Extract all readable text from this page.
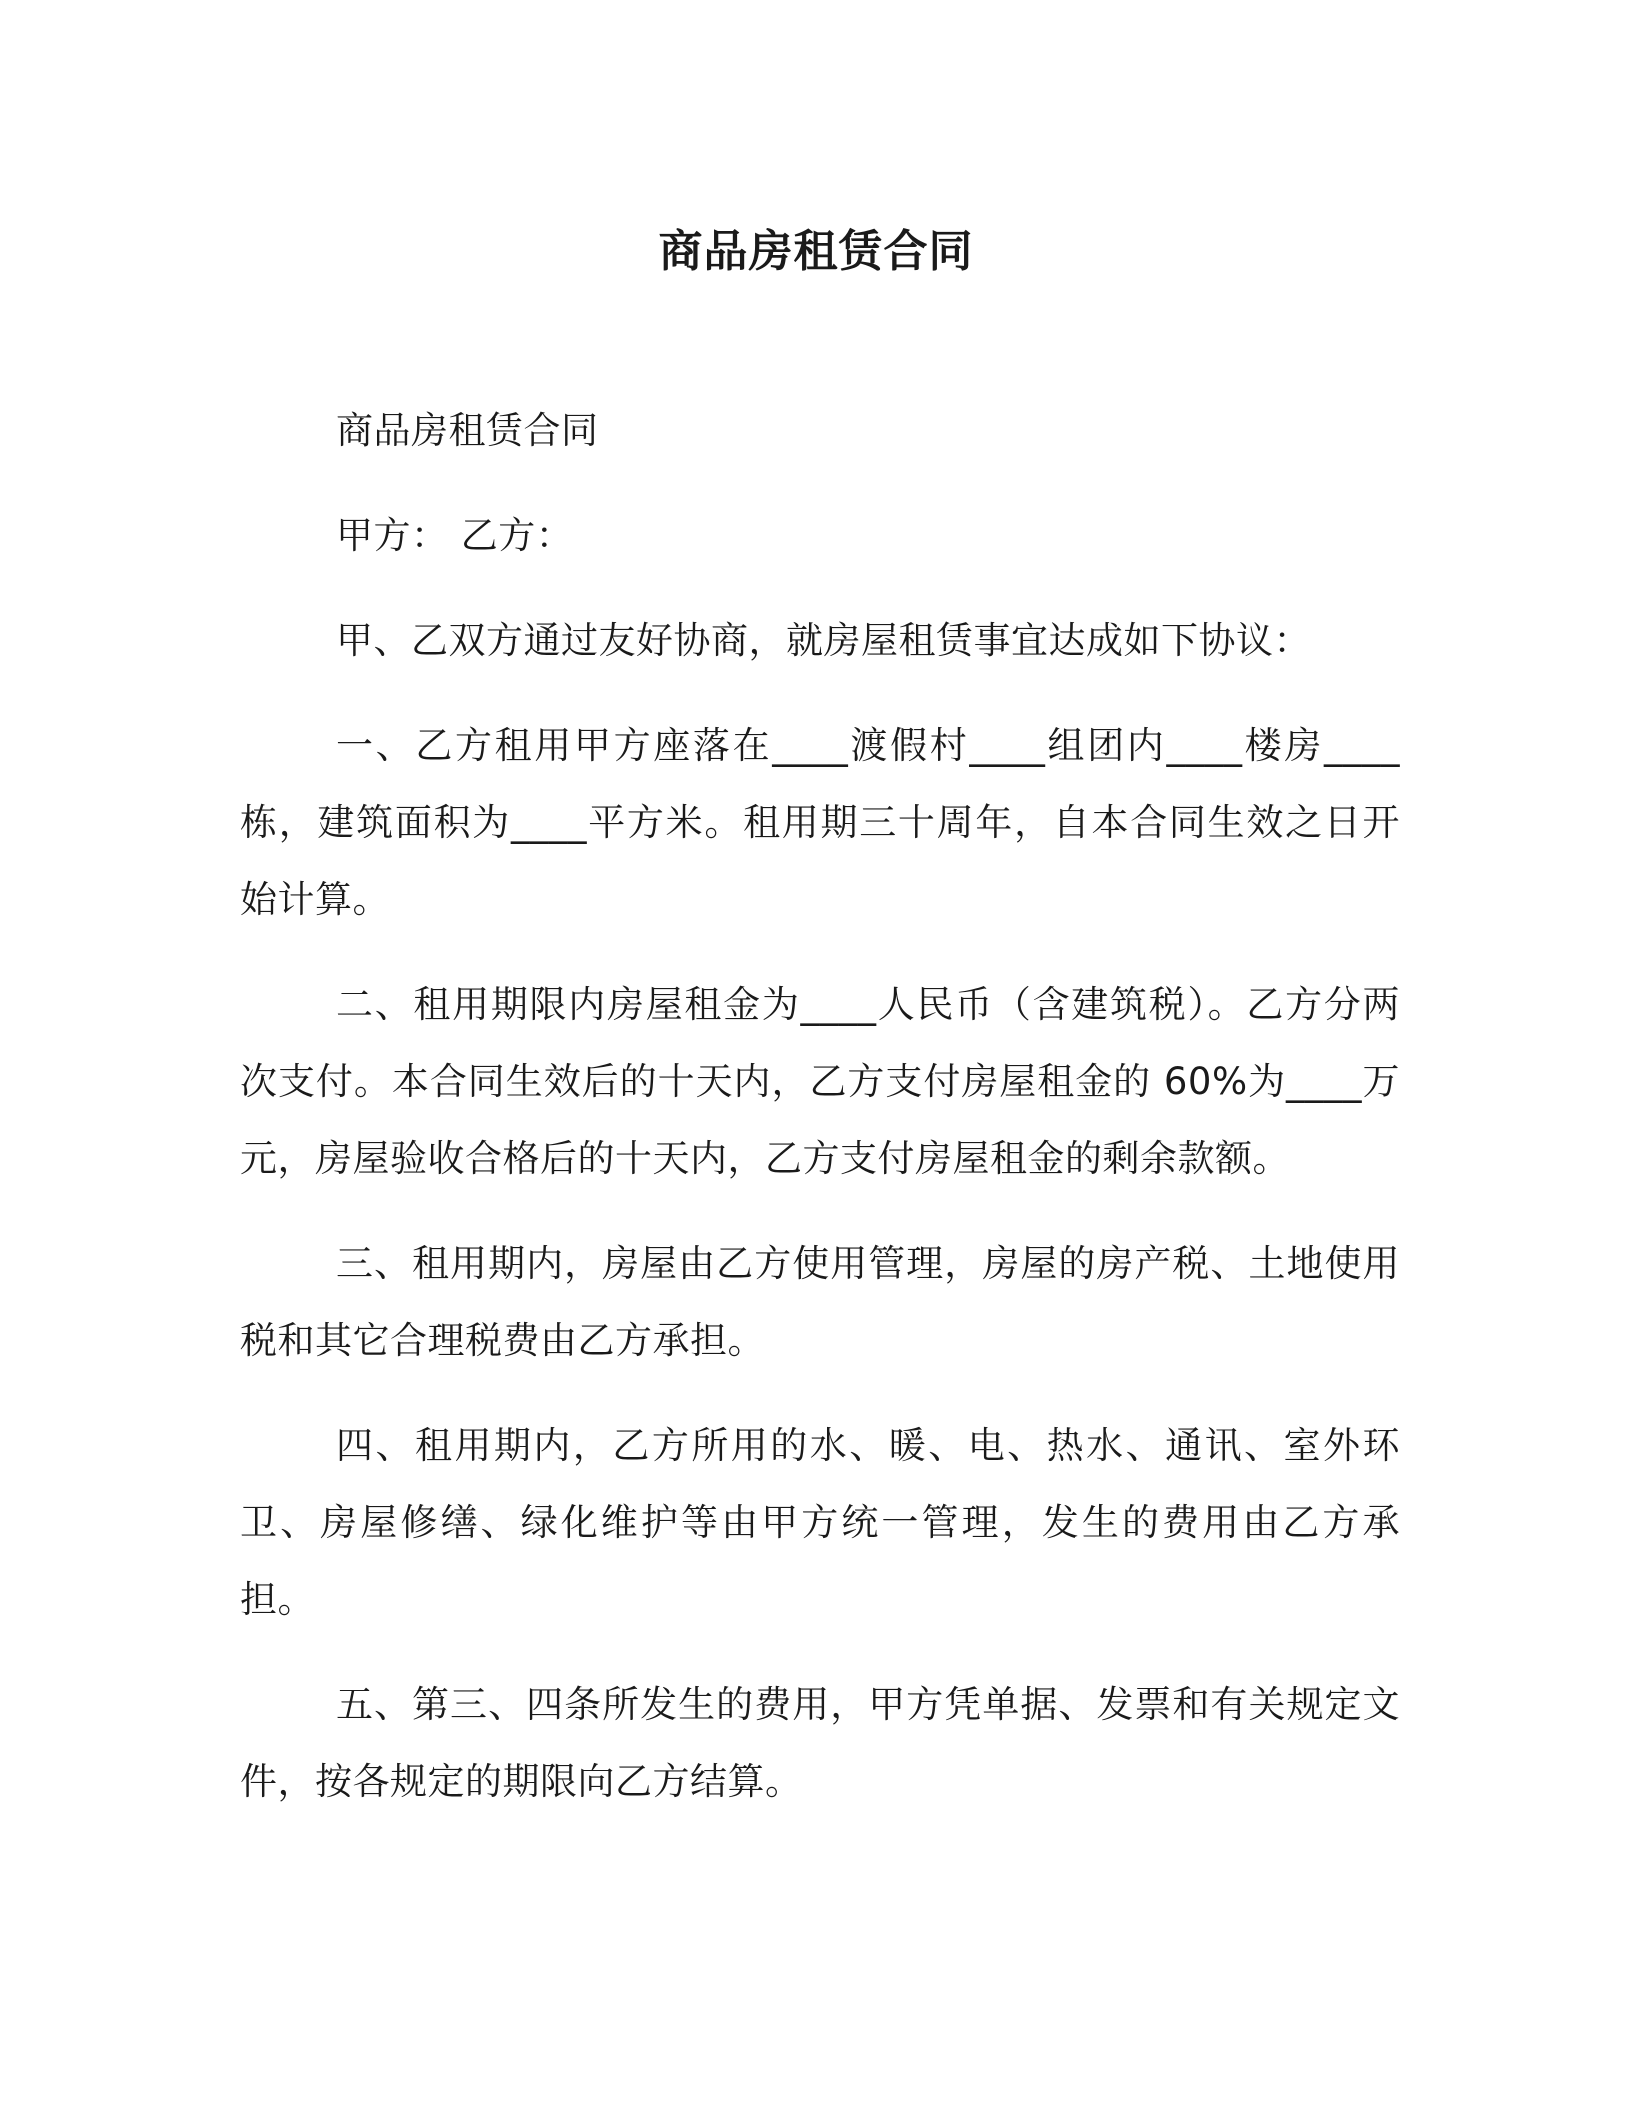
商品房租赁合同

商品房租赁合同

甲方： 乙方：

甲、乙双方通过友好协商，就房屋租赁事宜达成如下协议：

一、乙方租用甲方座落在____渡假村____组团内____楼房____栋，建筑面积为____平方米。租用期三十周年，自本合同生效之日开始计算。

二、租用期限内房屋租金为____人民币（含建筑税）。乙方分两次支付。本合同生效后的十天内，乙方支付房屋租金的 60%为____万元，房屋验收合格后的十天内，乙方支付房屋租金的剩余款额。

三、租用期内，房屋由乙方使用管理，房屋的房产税、土地使用税和其它合理税费由乙方承担。

四、租用期内，乙方所用的水、暖、电、热水、通讯、室外环卫、房屋修缮、绿化维护等由甲方统一管理，发生的费用由乙方承担。

五、第三、四条所发生的费用，甲方凭单据、发票和有关规定文件，按各规定的期限向乙方结算。
